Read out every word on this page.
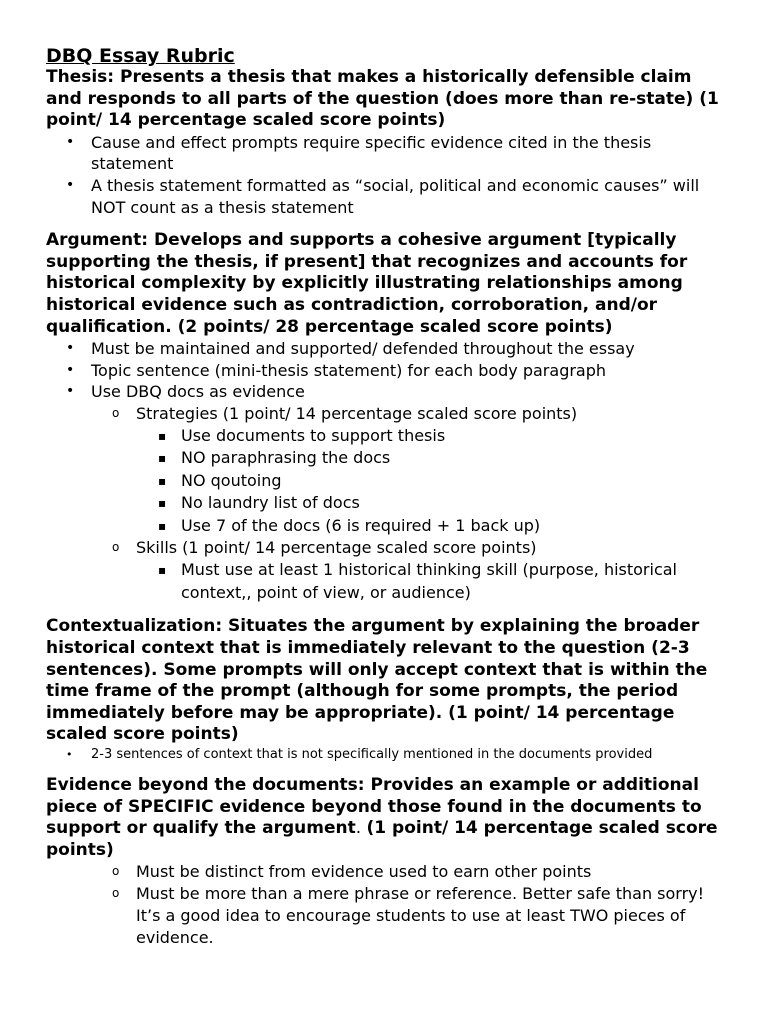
DBQ Essay Rubric

Thesis: Presents a thesis that makes a historically defensible claim and responds to all parts of the question (does more than re-state) (1 point/ 14 percentage scaled score points)

• Cause and effect prompts require specific evidence cited in the thesis statement
• A thesis statement formatted as “social, political and economic causes” will NOT count as a thesis statement

Argument: Develops and supports a cohesive argument [typically supporting the thesis, if present] that recognizes and accounts for historical complexity by explicitly illustrating relationships among historical evidence such as contradiction, corroboration, and/or qualification. (2 points/ 28 percentage scaled score points)

• Must be maintained and supported/ defended throughout the essay
• Topic sentence (mini-thesis statement) for each body paragraph
• Use DBQ docs as evidence
o Strategies (1 point/ 14 percentage scaled score points)
▪ Use documents to support thesis
▪ NO paraphrasing the docs
▪ NO qoutoing
▪ No laundry list of docs
▪ Use 7 of the docs (6 is required + 1 back up)
o Skills (1 point/ 14 percentage scaled score points)
▪ Must use at least 1 historical thinking skill (purpose, historical context,, point of view, or audience)

Contextualization: Situates the argument by explaining the broader historical context that is immediately relevant to the question (2-3 sentences). Some prompts will only accept context that is within the time frame of the prompt (although for some prompts, the period immediately before may be appropriate). (1 point/ 14 percentage scaled score points)

• 2-3 sentences of context that is not specifically mentioned in the documents provided

Evidence beyond the documents: Provides an example or additional piece of SPECIFIC evidence beyond those found in the documents to support or qualify the argument. (1 point/ 14 percentage scaled score points)

o Must be distinct from evidence used to earn other points
o Must be more than a mere phrase or reference. Better safe than sorry! It’s a good idea to encourage students to use at least TWO pieces of evidence.
